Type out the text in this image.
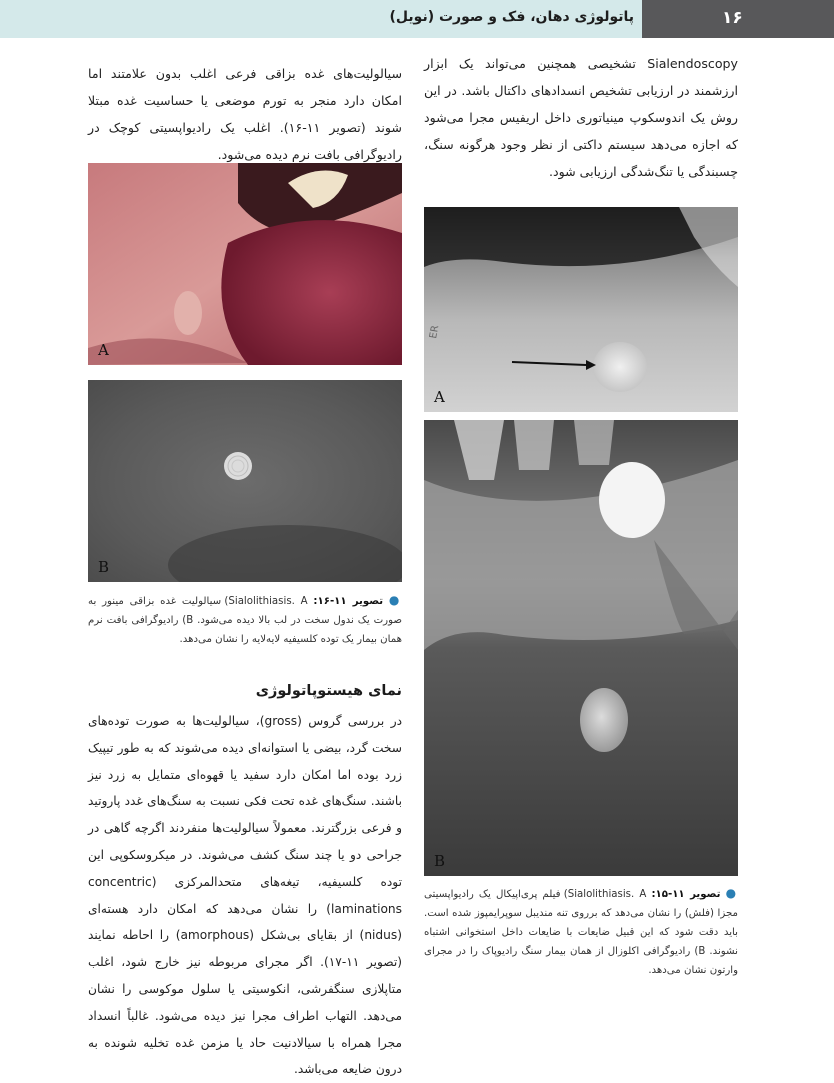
پاتولوژی دهان، فک و صورت (نویل)	۱۶
Sialendoscopy تشخیصی همچنین می‌تواند یک ابزار ارزشمند در ارزیابی تشخیص انسدادهای داکتال باشد. در این روش یک اندوسکوپ مینیاتوری داخل اریفیس مجرا می‌شود که اجازه می‌دهد سیستم داکتی از نظر وجود هرگونه سنگ، چسبندگی یا تنگ‌شدگی ارزیابی شود.
ER
A
B
● تصویر ۱۱-۱۵: Sialolithiasis. A) فیلم پری‌اپیکال یک رادیواپسیتی مجزا (فلش) را نشان می‌دهد که برروی تنه مندیبل سوپرایمپوز شده است. باید دقت شود که این قبیل ضایعات با ضایعات داخل استخوانی اشتباه نشوند. B) رادیوگرافی اکلوزال از همان بیمار سنگ رادیوپاک را در مجرای وارتون نشان می‌دهد.
سیالولیت‌های غده بزاقی فرعی اغلب بدون علامتند اما امکان دارد منجر به تورم موضعی یا حساسیت غده مبتلا شوند (تصویر ۱۱-۱۶). اغلب یک رادیواپسیتی کوچک در رادیوگرافی بافت نرم دیده می‌شود.
A
B
● تصویر ۱۱-۱۶: Sialolithiasis. A) سیالولیت غده بزاقی مینور به صورت یک ندول سخت در لب بالا دیده می‌شود. B) رادیوگرافی بافت نرم همان بیمار یک توده کلسیفیه لایه‌لایه را نشان می‌دهد.
نمای هیستوپاتولوژی
در بررسی گروس (gross)، سیالولیت‌ها به صورت توده‌های سخت گرد، بیضی یا استوانه‌ای دیده می‌شوند که به طور تیپیک زرد بوده اما امکان دارد سفید یا قهوه‌ای متمایل به زرد نیز باشند. سنگ‌های غده تحت فکی نسبت به سنگ‌های غدد پاروتید و فرعی بزرگترند. معمولاً سیالولیت‌ها منفردند اگرچه گاهی در جراحی دو یا چند سنگ کشف می‌شوند. در میکروسکوپی این توده کلسیفیه، تیغه‌های متحدالمرکزی (concentric laminations) را نشان می‌دهد که امکان دارد هسته‌ای (nidus) از بقایای بی‌شکل (amorphous) را احاطه نمایند (تصویر ۱۱-۱۷). اگر مجرای مربوطه نیز خارج شود، اغلب متاپلازی سنگفرشی، انکوسیتی یا سلول موکوسی را نشان می‌دهد. التهاب اطراف مجرا نیز دیده می‌شود. غالباً انسداد مجرا همراه با سیالادنیت حاد یا مزمن غده تخلیه شونده به درون ضایعه می‌باشد.
